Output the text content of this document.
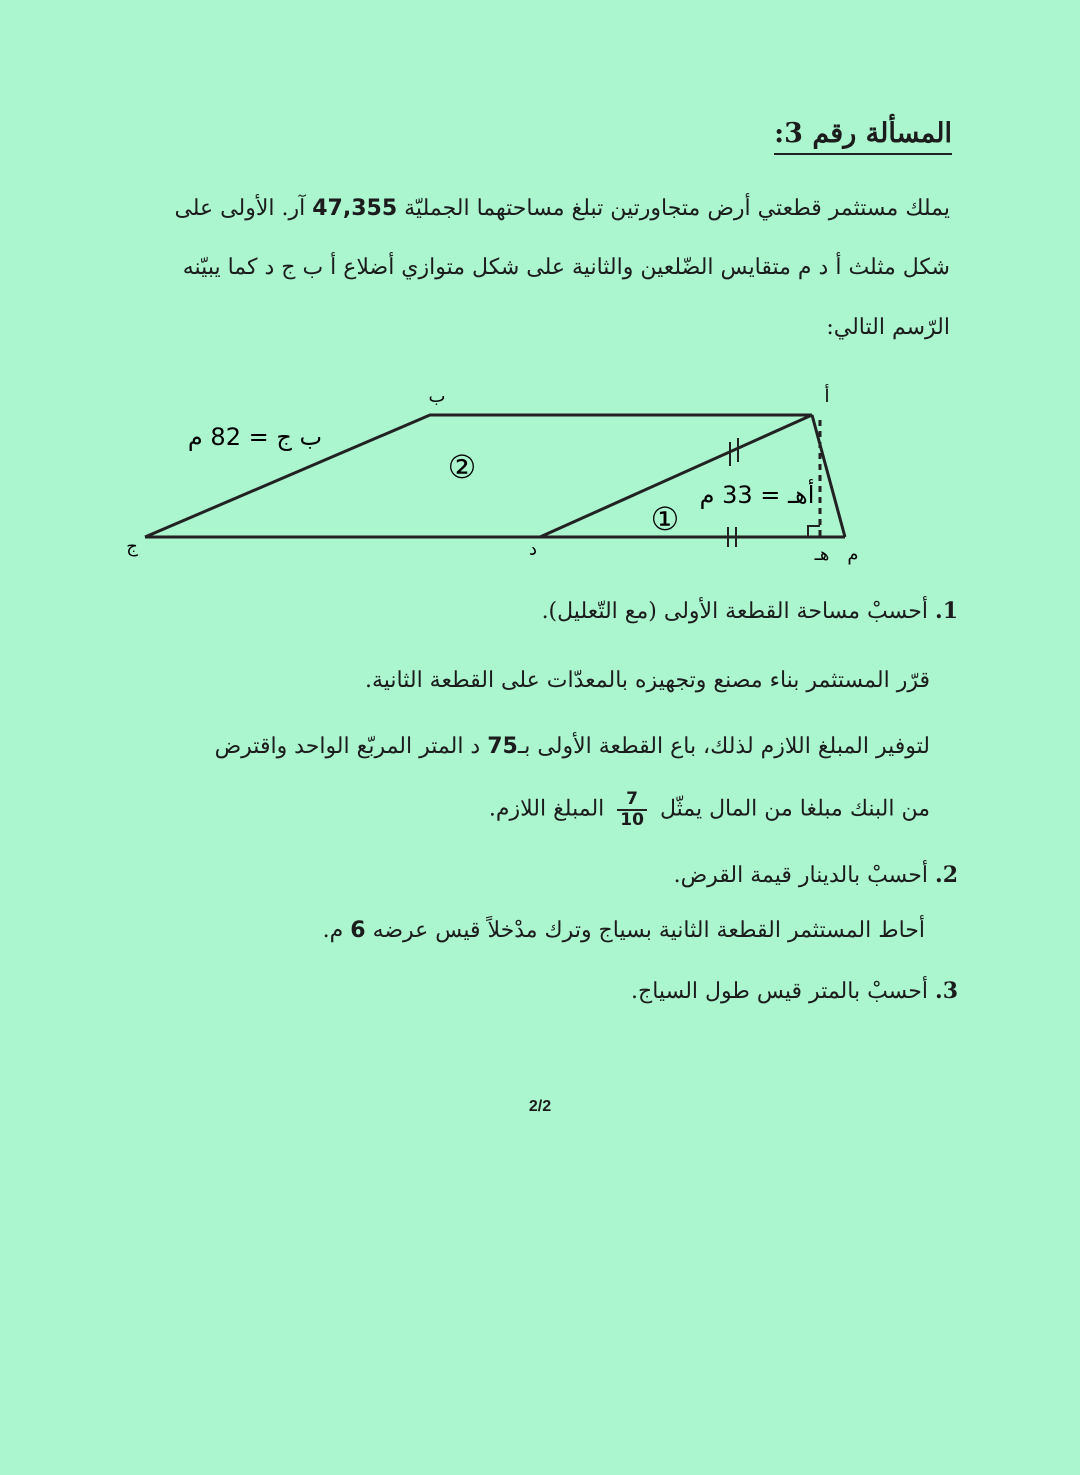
المسألة رقم 3:
يملك مستثمر قطعتي أرض متجاورتين تبلغ مساحتهما الجمليّة 47,355 آر. الأولى على
شكل مثلث أ د م متقايس الضّلعين والثانية على شكل متوازي أضلاع أ ب ج د كما يبيّنه
الرّسم التالي:
أ
ب
ج	د	هـ م
ب ج = 82 م
أهـ = 33 م
②
①
1. أحسبْ مساحة القطعة الأولى (مع التّعليل).
قرّر المستثمر بناء مصنع وتجهيزه بالمعدّات على القطعة الثانية.
لتوفير المبلغ اللازم لذلك، باع القطعة الأولى بـ75 د المتر المربّع الواحد واقترض
من البنك مبلغا من المال يمثّل
$\frac{7}{10}$
المبلغ اللازم.
2. أحسبْ بالدينار قيمة القرض.
أحاط المستثمر القطعة الثانية بسياج وترك مدْخلاً قيس عرضه 6 م.
3. أحسبْ بالمتر قيس طول السياج.
2/2
